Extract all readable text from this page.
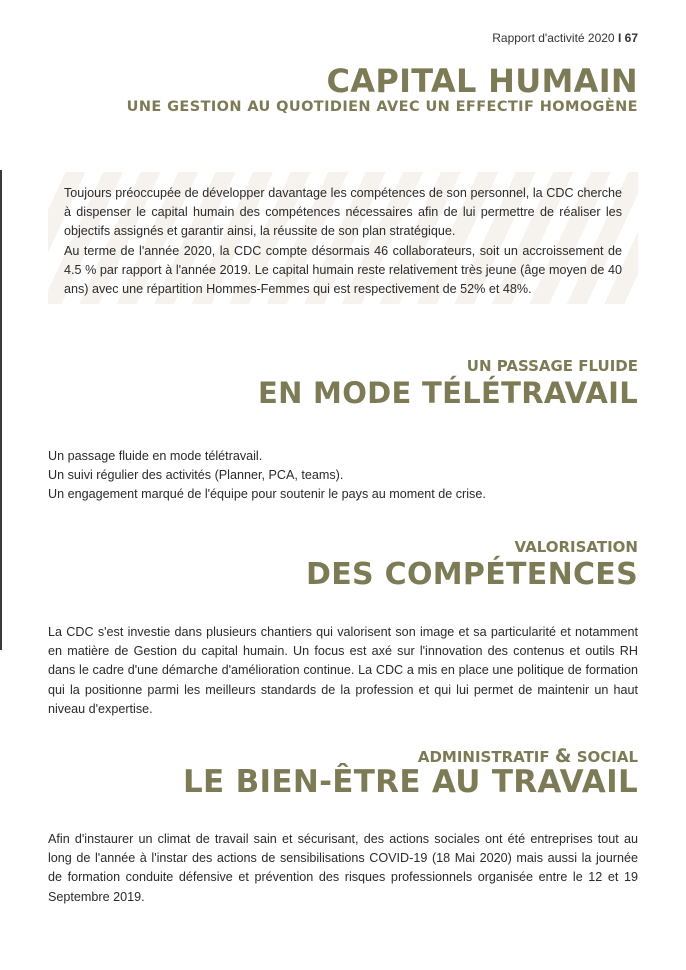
Rapport d'activité 2020 I 67
CAPITAL HUMAIN
UNE GESTION AU QUOTIDIEN AVEC UN EFFECTIF HOMOGÈNE

Toujours préoccupée de développer davantage les compétences de son personnel, la CDC cherche à dispenser le capital humain des compétences nécessaires afin de lui permettre de réaliser les objectifs assignés et garantir ainsi, la réussite de son plan stratégique.

Au terme de l'année 2020, la CDC compte désormais 46 collaborateurs, soit un accroissement de 4.5 % par rapport à l'année 2019. Le capital humain reste relativement très jeune (âge moyen de 40 ans) avec une répartition Hommes-Femmes qui est respectivement de 52% et 48%.

UN PASSAGE FLUIDE
EN MODE TÉLÉTRAVAIL
Un passage fluide en mode télétravail.
Un suivi régulier des activités (Planner, PCA, teams).
Un engagement marqué de l'équipe pour soutenir le pays au moment de crise.
VALORISATION
DES COMPÉTENCES
La CDC s'est investie dans plusieurs chantiers qui valorisent son image et sa particularité et notamment en matière de Gestion du capital humain. Un focus est axé sur l'innovation des contenus et outils RH dans le cadre d'une démarche d'amélioration continue. La CDC a mis en place une politique de formation qui la positionne parmi les meilleurs standards de la profession et qui lui permet de maintenir un haut niveau d'expertise.
ADMINISTRATIF & SOCIAL
LE BIEN-ÊTRE AU TRAVAIL
Afin d'instaurer un climat de travail sain et sécurisant, des actions sociales ont été entreprises tout au long de l'année à l'instar des actions de sensibilisations COVID-19 (18 Mai 2020) mais aussi la journée de formation conduite défensive et prévention des risques professionnels organisée entre le 12 et 19 Septembre 2019.
